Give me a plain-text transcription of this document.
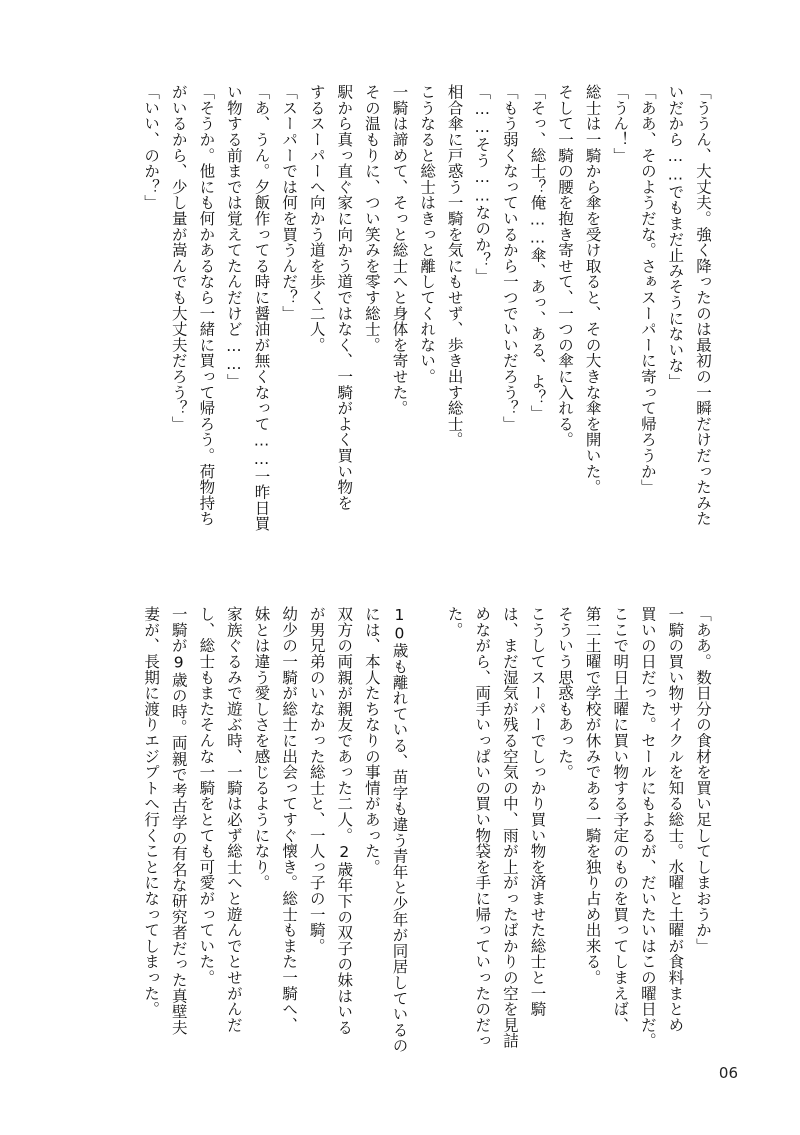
「ううん、大丈夫。強く降ったのは最初の一瞬だけだったみた
いだから……でもまだ止みそうにないな」
「ああ、そのようだな。さぁスーパーに寄って帰ろうか」
「うん！」
総士は一騎から傘を受け取ると、その大きな傘を開いた。
そして一騎の腰を抱き寄せて、一つの傘に入れる。
「そっ、総士？俺……傘、あっ、ある、よ？」
「もう弱くなっているから一つでいいだろう？」
「……そう……なのか？」
相合傘に戸惑う一騎を気にもせず、歩き出す総士。
こうなると総士はきっと離してくれない。
一騎は諦めて、そっと総士へと身体を寄せた。
その温もりに、つい笑みを零す総士。
駅から真っ直ぐ家に向かう道ではなく、一騎がよく買い物を
するスーパーへ向かう道を歩く二人。
「スーパーでは何を買うんだ？」
「あ、うん。夕飯作ってる時に醤油が無くなって……一昨日買
い物する前までは覚えてたんだけど……」
「そうか。他にも何かあるなら一緒に買って帰ろう。荷物持ち
がいるから、少し量が嵩んでも大丈夫だろう？」
「いい、のか？」
「ああ。数日分の食材を買い足してしまおうか」
一騎の買い物サイクルを知る総士。水曜と土曜が食料まとめ
買いの日だった。セールにもよるが、だいたいはこの曜日だ。
ここで明日土曜に買い物する予定のものを買ってしまえば、
第二土曜で学校が休みである一騎を独り占め出来る。
そういう思惑もあった。
こうしてスーパーでしっかり買い物を済ませた総士と一騎
は、まだ湿気が残る空気の中、雨が上がったばかりの空を見詰
めながら、両手いっぱいの買い物袋を手に帰っていったのだっ
た。

10歳も離れている、苗字も違う青年と少年が同居しているの
には、本人たちなりの事情があった。
双方の両親が親友であった二人。2歳年下の双子の妹はいる
が男兄弟のいなかった総士と、一人っ子の一騎。
幼少の一騎が総士に出会ってすぐ懐き。総士もまた一騎へ、
妹とは違う愛しさを感じるようになり。
家族ぐるみで遊ぶ時、一騎は必ず総士へと遊んでとせがんだ
し、総士もまたそんな一騎をとても可愛がっていた。
一騎が9歳の時。両親で考古学の有名な研究者だった真壁夫
妻が、長期に渡りエジプトへ行くことになってしまった。
06
